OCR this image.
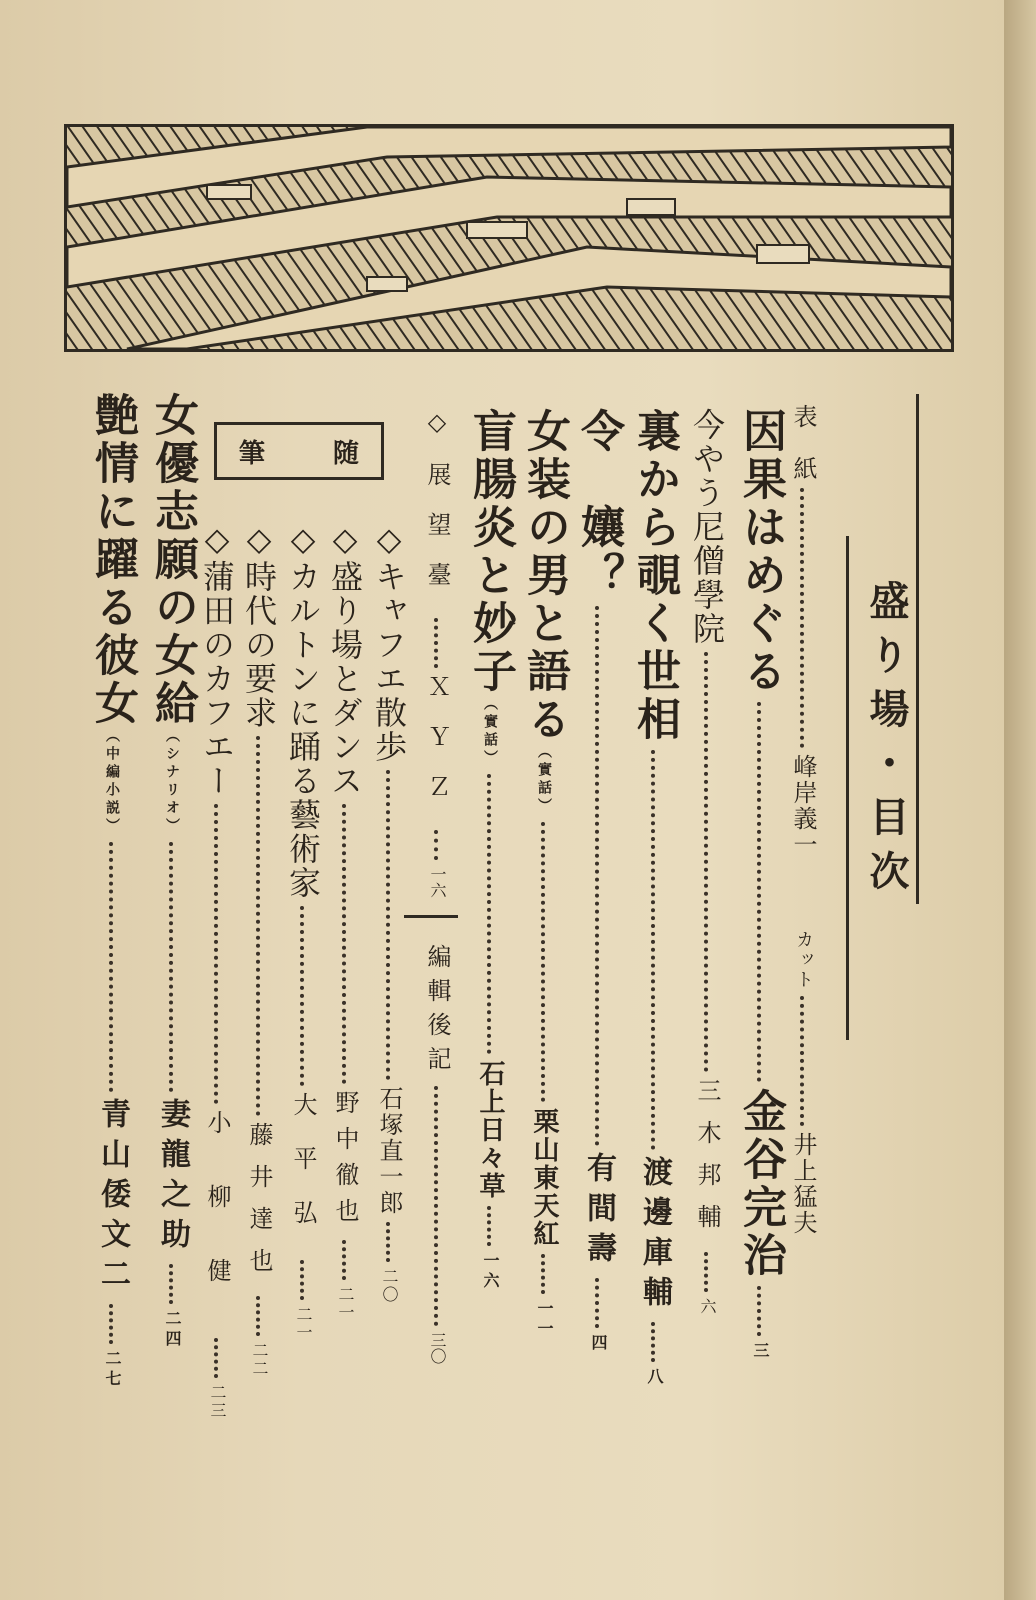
盛り場・目次
表　紙峰岸義一
カット井上猛夫
因果はめぐる金谷完治三
今やう尼僧學院三木邦輔六
裏から覗く世相渡邊庫輔八
令　孃？有間壽四
女装の男と語る（實話）栗山東天紅一一
盲腸炎と妙子（實話）石上日々草一六
◇展望臺ＸＹＺ一六
編輯後記三〇
筆	随
◇キャフエ散歩石塚直一郎二〇
◇盛り場とダンス野中徹也二一
◇カルトンに踊る藝術家大平弘二一
◇時代の要求藤井達也二二
◇蒲田のカフエー小柳健二三
女優志願の女給（シナリオ）妻龍之助二四
艶情に躍る彼女（中編小説）青山倭文二二七
